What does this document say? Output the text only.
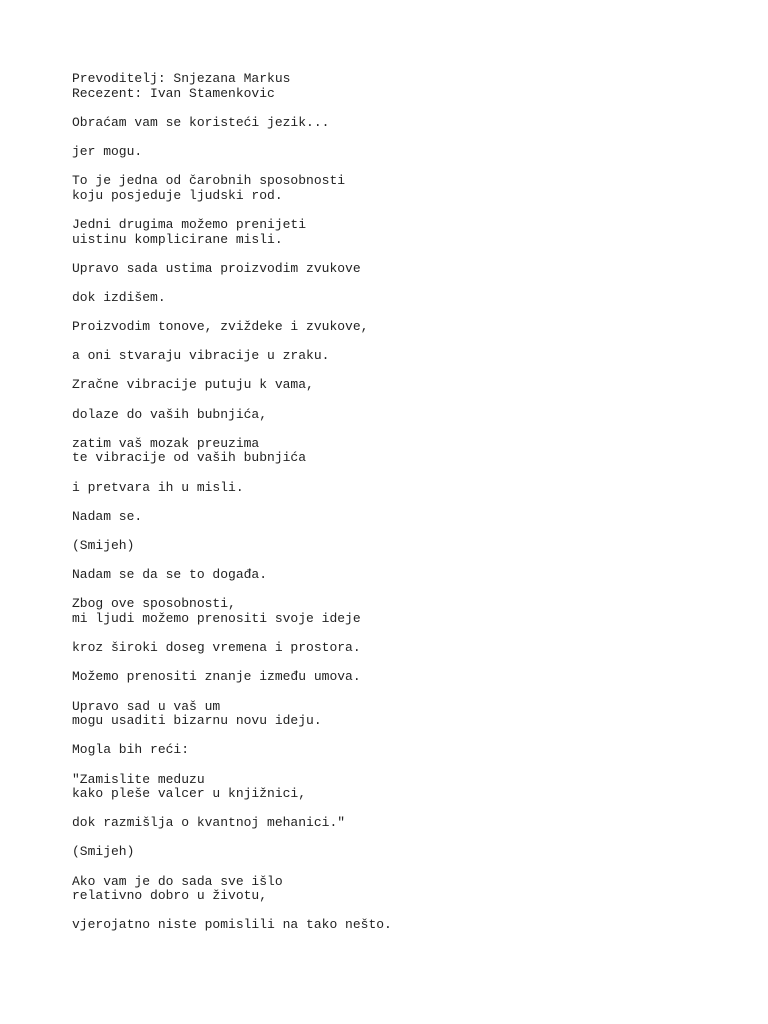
Prevoditelj: Snjezana Markus
Recezent: Ivan Stamenkovic
Obraćam vam se koristeći jezik...
jer mogu.
To je jedna od čarobnih sposobnosti
koju posjeduje ljudski rod.
Jedni drugima možemo prenijeti
uistinu komplicirane misli.
Upravo sada ustima proizvodim zvukove
dok izdišem.
Proizvodim tonove, zviždeke i zvukove,
a oni stvaraju vibracije u zraku.
Zračne vibracije putuju k vama,
dolaze do vaših bubnjića,
zatim vaš mozak preuzima
te vibracije od vaših bubnjića
i pretvara ih u misli.
Nadam se.
(Smijeh)
Nadam se da se to događa.
Zbog ove sposobnosti,
mi ljudi možemo prenositi svoje ideje
kroz široki doseg vremena i prostora.
Možemo prenositi znanje između umova.
Upravo sad u vaš um
mogu usaditi bizarnu novu ideju.
Mogla bih reći:
"Zamislite meduzu
kako pleše valcer u knjižnici,
dok razmišlja o kvantnoj mehanici."
(Smijeh)
Ako vam je do sada sve išlo
relativno dobro u životu,
vjerojatno niste pomislili na tako nešto.
